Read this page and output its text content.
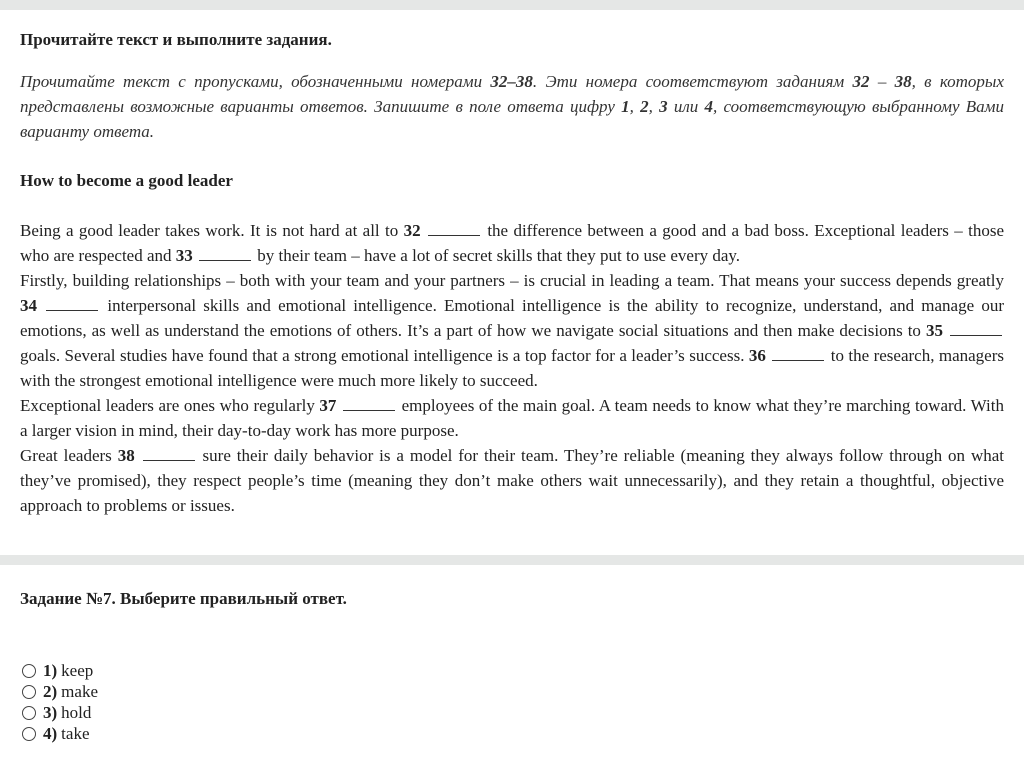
Прочитайте текст и выполните задания.

Прочитайте текст с пропусками, обозначенными номерами 32–38. Эти номера соответствуют заданиям 32 – 38, в которых представлены возможные варианты ответов. Запишите в поле ответа цифру 1, 2, 3 или 4, соответствующую выбранному Вами варианту ответа.

How to become a good leader

Being a good leader takes work. It is not hard at all to 32	the difference between a good and a bad boss. Exceptional leaders – those who are respected and 33	by their team – have a lot of secret skills that they put to use every day.

Firstly, building relationships – both with your team and your partners – is crucial in leading a team. That means your success depends greatly 34	interpersonal skills and emotional intelligence. Emotional intelligence is the ability to recognize, understand, and manage our emotions, as well as understand the emotions of others. It’s a part of how we navigate social situations and then make decisions to 35  goals. Several studies have found that a strong emotional intelligence is a top factor for a leader’s success. 36	to the research, managers with the strongest emotional intelligence were much more likely to succeed.

Exceptional leaders are ones who regularly 37	employees of the main goal. A team needs to know what they’re marching toward. With a larger vision in mind, their day-to-day work has more purpose.

Great leaders 38	sure their daily behavior is a model for their team. They’re reliable (meaning they always follow through on what they’ve promised), they respect people’s time (meaning they don’t make others wait unnecessarily), and they retain a thoughtful, objective approach to problems or issues.

Задание №7. Выберите правильный ответ.

1) keep
2) make
3) hold
4) take
